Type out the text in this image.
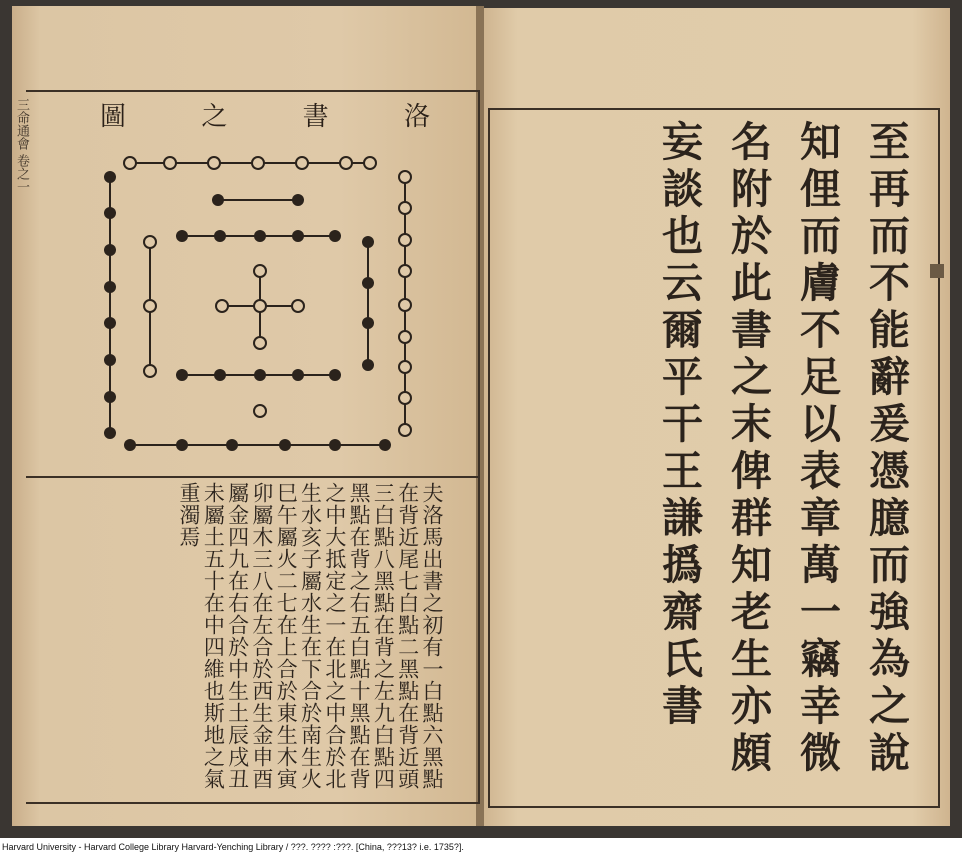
三命通會 卷之一	洛
書
之
圖
夫洛馬出書之初有一白點六黑點在背近尾七白點二黑點在背近頭三白點八黑點在背之左九白點四黑點在背之右五白點十黑點在背之中大抵定之一在北之中合於北生水亥子屬水生在下合於南生火巳午屬火二七在上合於東生木寅卯屬木三八在左合於西生金申酉屬金四九在右合於中生土辰戌丑未屬土五十在中四維也斯地之氣重濁焉	至再而不能辭爰憑臆而強為之說知俚而膚不足以表章萬一竊幸微名附於此書之末俾群知老生亦頗妄談也云爾平干王謙撝齋氏書
Harvard University - Harvard College Library Harvard-Yenching Library / ???. ???? :???. [China, ???13? i.e. 1735?].
